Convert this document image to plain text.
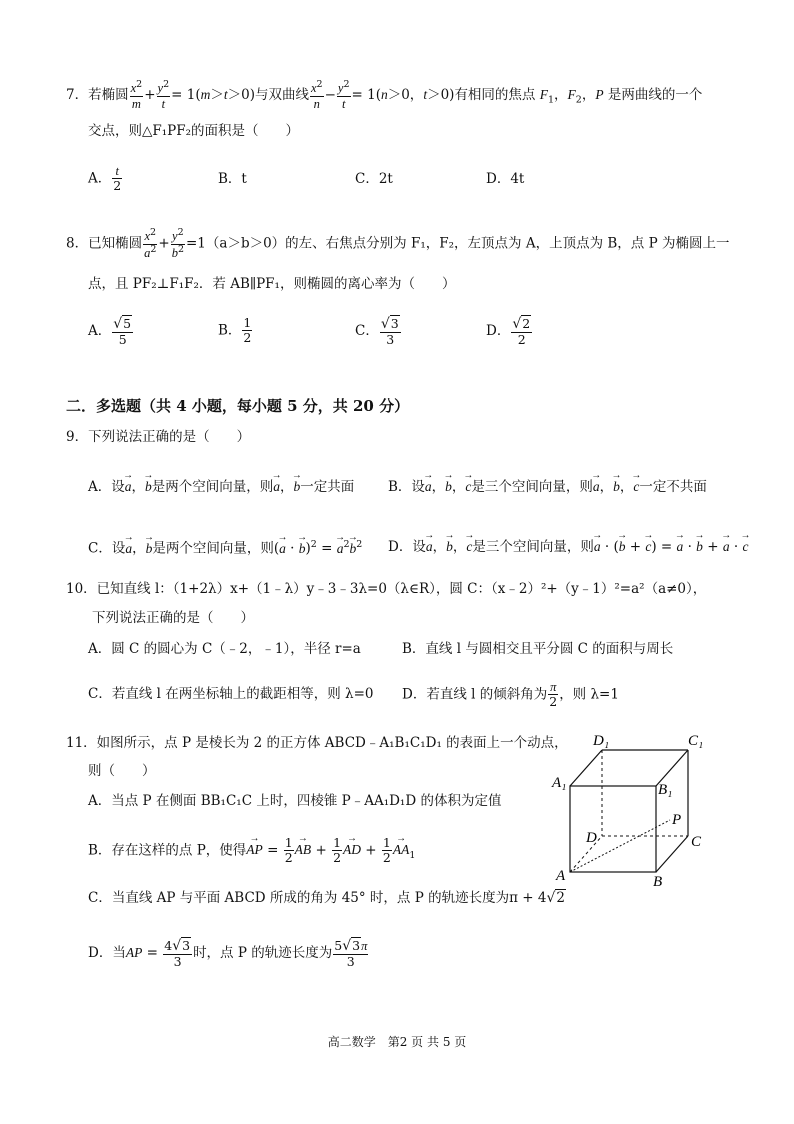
7．若椭圆 $\frac{x^2}{m} + \frac{y^2}{t} = 1(m>t>0)$与双曲线 $\frac{x^2}{n} - \frac{y^2}{t} = 1(n>0$，t＞0)有相同的焦点 $F_1$，$F_2$，P 是两曲线的一个
交点，则△F₁PF₂的面积是（　　）
A． $\frac{t}{2}$	B．t	C．2t	D．4t
8．已知椭圆 $\frac{x^2}{a^2} + \frac{y^2}{b^2} =1(a>b>0)$的左、右焦点分别为 F₁，F₂，左顶点为 A，上顶点为 B，点 P 为椭圆上一
点，且 PF₂⊥F₁F₂．若 AB∥PF₁，则椭圆的离心率为（　　）
A． $\frac{√5}{5}$	B． $\frac{1}{2}$	C． $\frac{√3}{3}$	D． $\frac{√2}{2}$
二．多选题（共 4 小题，每小题 5 分，共 20 分）
9．下列说法正确的是（　　）
A．设→ a，→ b是两个空间向量，则→ a，→ b一定共面	B．设→ a，→ b，→ c是三个空间向量，则→ a，→ b，→ c一定不共面
C．设→ a，→ b是两个空间向量，则(→ a · → b)$^2$ = → $a^2\to b^2$ D．设→ a，→ b，→ c是三个空间向量，则→ a · (→ b + → c) = → a · → b + → a · → c
10．已知直线 l：（1+2λ）x+（1﹣λ）y﹣3﹣3λ=0（λ∈R），圆 C：（x﹣2）²+（y﹣1）²=a²（a≠0），
下列说法正确的是（　　）
A．圆 C 的圆心为 C（﹣2，﹣1），半径 r=a	B．直线 l 与圆相交且平分圆 C 的面积与周长
C．若直线 l 在两坐标轴上的截距相等，则 λ=0 D．若直线 l 的倾斜角为 $\frac{\pi}{2}$ ，则 λ=1
11．如图所示，点 P 是棱长为 2 的正方体 ABCD﹣A₁B₁C₁D₁ 的表面上一个动点，
则（　　）
A．当点 P 在侧面 BB₁C₁C 上时，四棱锥 P﹣AA₁D₁D 的体积为定值
B．存在这样的点 P，使得→ AP = $\frac{1}{2}$
→ AB + $\frac{1}{2}$
→ AD + $\frac{1}{2}$
→ $AA_1$
C．当直线 AP 与平面 ABCD 所成的角为 45° 时，点 P 的轨迹长度为π + 4√2
D．当AP = $\frac{4√3}{3}$ 时，点 P 的轨迹长度为 $\frac{5√3\pi}{3}$
D₁	C₁
A₁	B₁
P
D	C
A	B
高二数学　第2 页 共 5 页
